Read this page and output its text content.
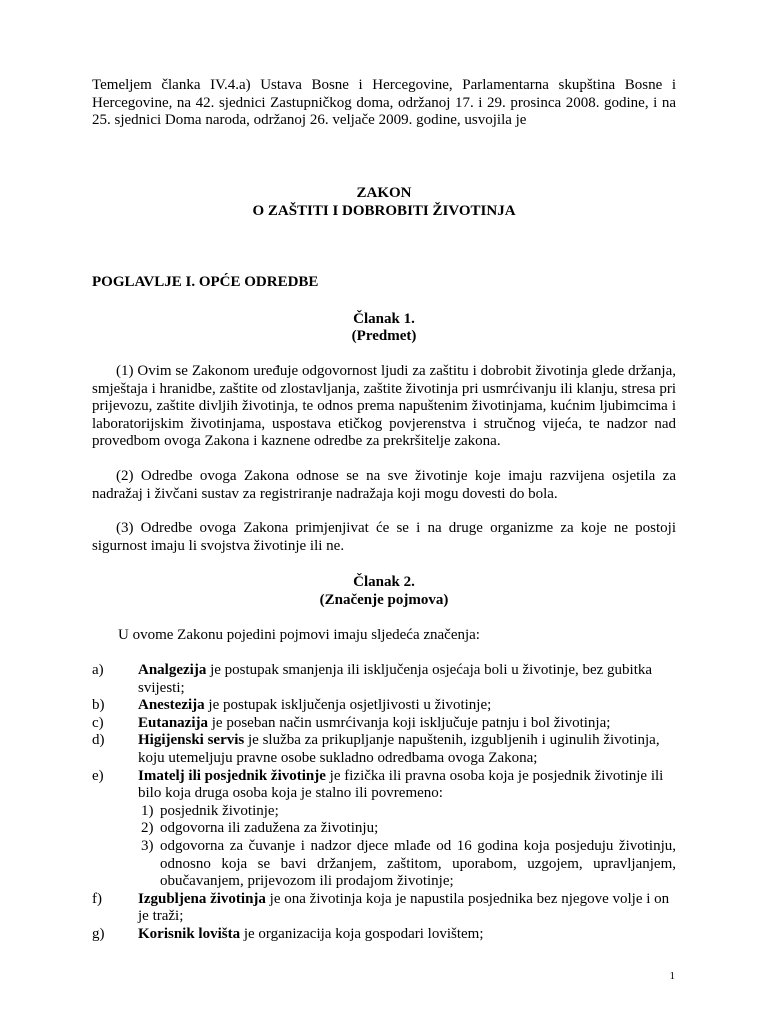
Temeljem članka IV.4.a) Ustava Bosne i Hercegovine, Parlamentarna skupština Bosne i Hercegovine, na 42. sjednici Zastupničkog doma, održanoj 17. i 29. prosinca 2008. godine, i na 25. sjednici Doma naroda, održanoj 26. veljače 2009. godine, usvojila je

ZAKON
O ZAŠTITI I DOBROBITI ŽIVOTINJA

POGLAVLJE I. OPĆE ODREDBE

Članak 1.
(Predmet)

(1) Ovim se Zakonom uređuje odgovornost ljudi za zaštitu i dobrobit životinja glede držanja, smještaja i hranidbe, zaštite od zlostavljanja, zaštite životinja pri usmrćivanju ili klanju, stresa pri prijevozu, zaštite divljih životinja, te odnos prema napuštenim životinjama, kućnim ljubimcima i laboratorijskim životinjama, uspostava etičkog povjerenstva i stručnog vijeća, te nadzor nad provedbom ovoga Zakona i kaznene odredbe za prekršitelje zakona.

(2) Odredbe ovoga Zakona odnose se na sve životinje koje imaju razvijena osjetila za nadražaj i živčani sustav za registriranje nadražaja koji mogu dovesti do bola.

(3) Odredbe ovoga Zakona primjenjivat će se i na druge organizme za koje ne postoji sigurnost imaju li svojstva životinje ili ne.

Članak 2.
(Značenje pojmova)

U ovome Zakonu pojedini pojmovi imaju sljedeća značenja:

a) Analgezija je postupak smanjenja ili isključenja osjećaja boli u životinje, bez gubitka svijesti;
b) Anestezija je postupak isključenja osjetljivosti u životinje;
c) Eutanazija je poseban način usmrćivanja koji isključuje patnju i bol životinja;
d) Higijenski servis je služba za prikupljanje napuštenih, izgubljenih i uginulih životinja, koju utemeljuju pravne osobe sukladno odredbama ovoga Zakona;
e) Imatelj ili posjednik životinje je fizička ili pravna osoba koja je posjednik životinje ili bilo koja druga osoba koja je stalno ili povremeno:
1) posjednik životinje;
2) odgovorna ili zadužena za životinju;
3) odgovorna za čuvanje i nadzor djece mlađe od 16 godina koja posjeduju životinju, odnosno koja se bavi držanjem, zaštitom, uporabom, uzgojem, upravljanjem, obučavanjem, prijevozom ili prodajom životinje;
f) Izgubljena životinja je ona životinja koja je napustila posjednika bez njegove volje i on je traži;
g) Korisnik lovišta je organizacija koja gospodari lovištem;
1
